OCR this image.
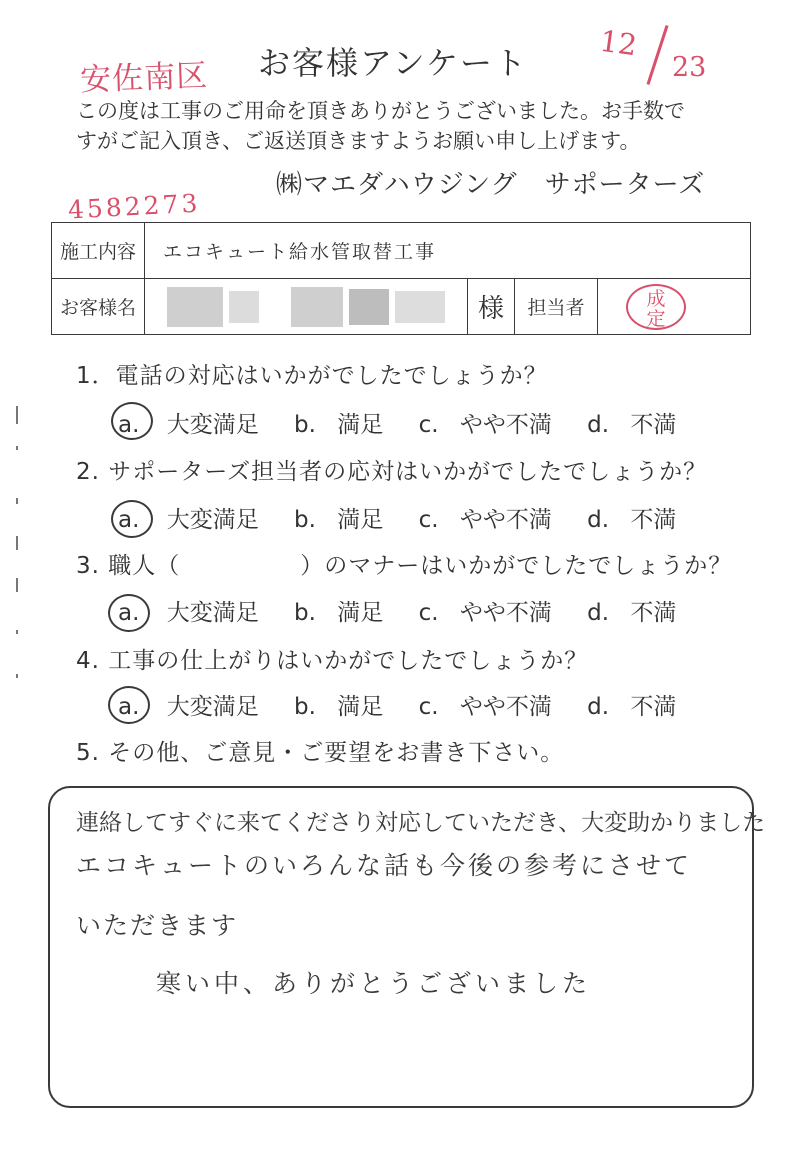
安佐南区	お客様アンケート
12
23
この度は工事のご用命を頂きありがとうございました。お手数で
すがご記入頂き、ご返送頂きますようお願い申し上げます。
4582273
㈱マエダハウジング　サポーターズ
施工内容	エコキュート給水管取替工事			
お客様名		様	担当者	成
定
1．電話の対応はいかがでしたでしょうか？
a. 大変満足 b. 満足 c. やや不満 d. 不満
2. サポーターズ担当者の応対はいかがでしたでしょうか？
a. 大変満足 b. 満足 c. やや不満 d. 不満
3. 職人（　　　　　）のマナーはいかがでしたでしょうか？
a. 大変満足 b. 満足 c. やや不満 d. 不満
4. 工事の仕上がりはいかがでしたでしょうか？
a. 大変満足 b. 満足 c. やや不満 d. 不満
5. その他、ご意見・ご要望をお書き下さい。
連絡してすぐに来てくださり対応していただき、大変助かりました
エコキュートのいろんな話も今後の参考にさせて
いただきます
寒い中、ありがとうございました
